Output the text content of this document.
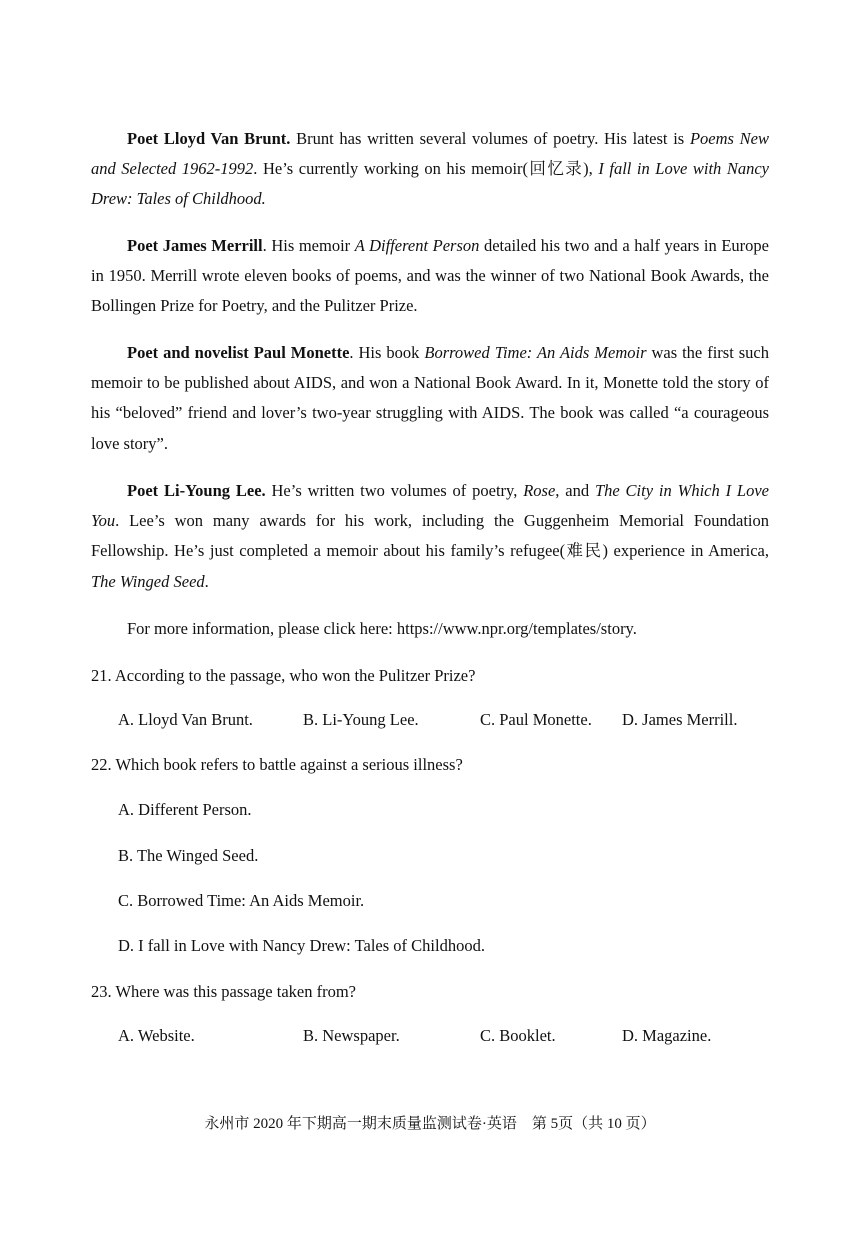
Poet Lloyd Van Brunt. Brunt has written several volumes of poetry. His latest is Poems New and Selected 1962-1992. He’s currently working on his memoir(回忆录), I fall in Love with Nancy Drew: Tales of Childhood.

Poet James Merrill. His memoir A Different Person detailed his two and a half years in Europe in 1950. Merrill wrote eleven books of poems, and was the winner of two National Book Awards, the Bollingen Prize for Poetry, and the Pulitzer Prize.

Poet and novelist Paul Monette. His book Borrowed Time: An Aids Memoir was the first such memoir to be published about AIDS, and won a National Book Award. In it, Monette told the story of his “beloved” friend and lover’s two-year struggling with AIDS. The book was called “a courageous love story”.

Poet Li-Young Lee. He’s written two volumes of poetry, Rose, and The City in Which I Love You. Lee’s won many awards for his work, including the Guggenheim Memorial Foundation Fellowship. He’s just completed a memoir about his family’s refugee(难民) experience in America, The Winged Seed.

For more information, please click here: https://www.npr.org/templates/story.

21. According to the passage, who won the Pulitzer Prize?
A. Lloyd Van Brunt.	B. Li-Young Lee.	C. Paul Monette. D. James Merrill.
22. Which book refers to battle against a serious illness?
A. Different Person.
B. The Winged Seed.
C. Borrowed Time: An Aids Memoir.
D. I fall in Love with Nancy Drew: Tales of Childhood.
23. Where was this passage taken from?
A. Website.	B. Newspaper.	C. Booklet.	D. Magazine.
永州市 2020 年下期高一期末质量监测试卷·英语　第 5页（共 10 页）
